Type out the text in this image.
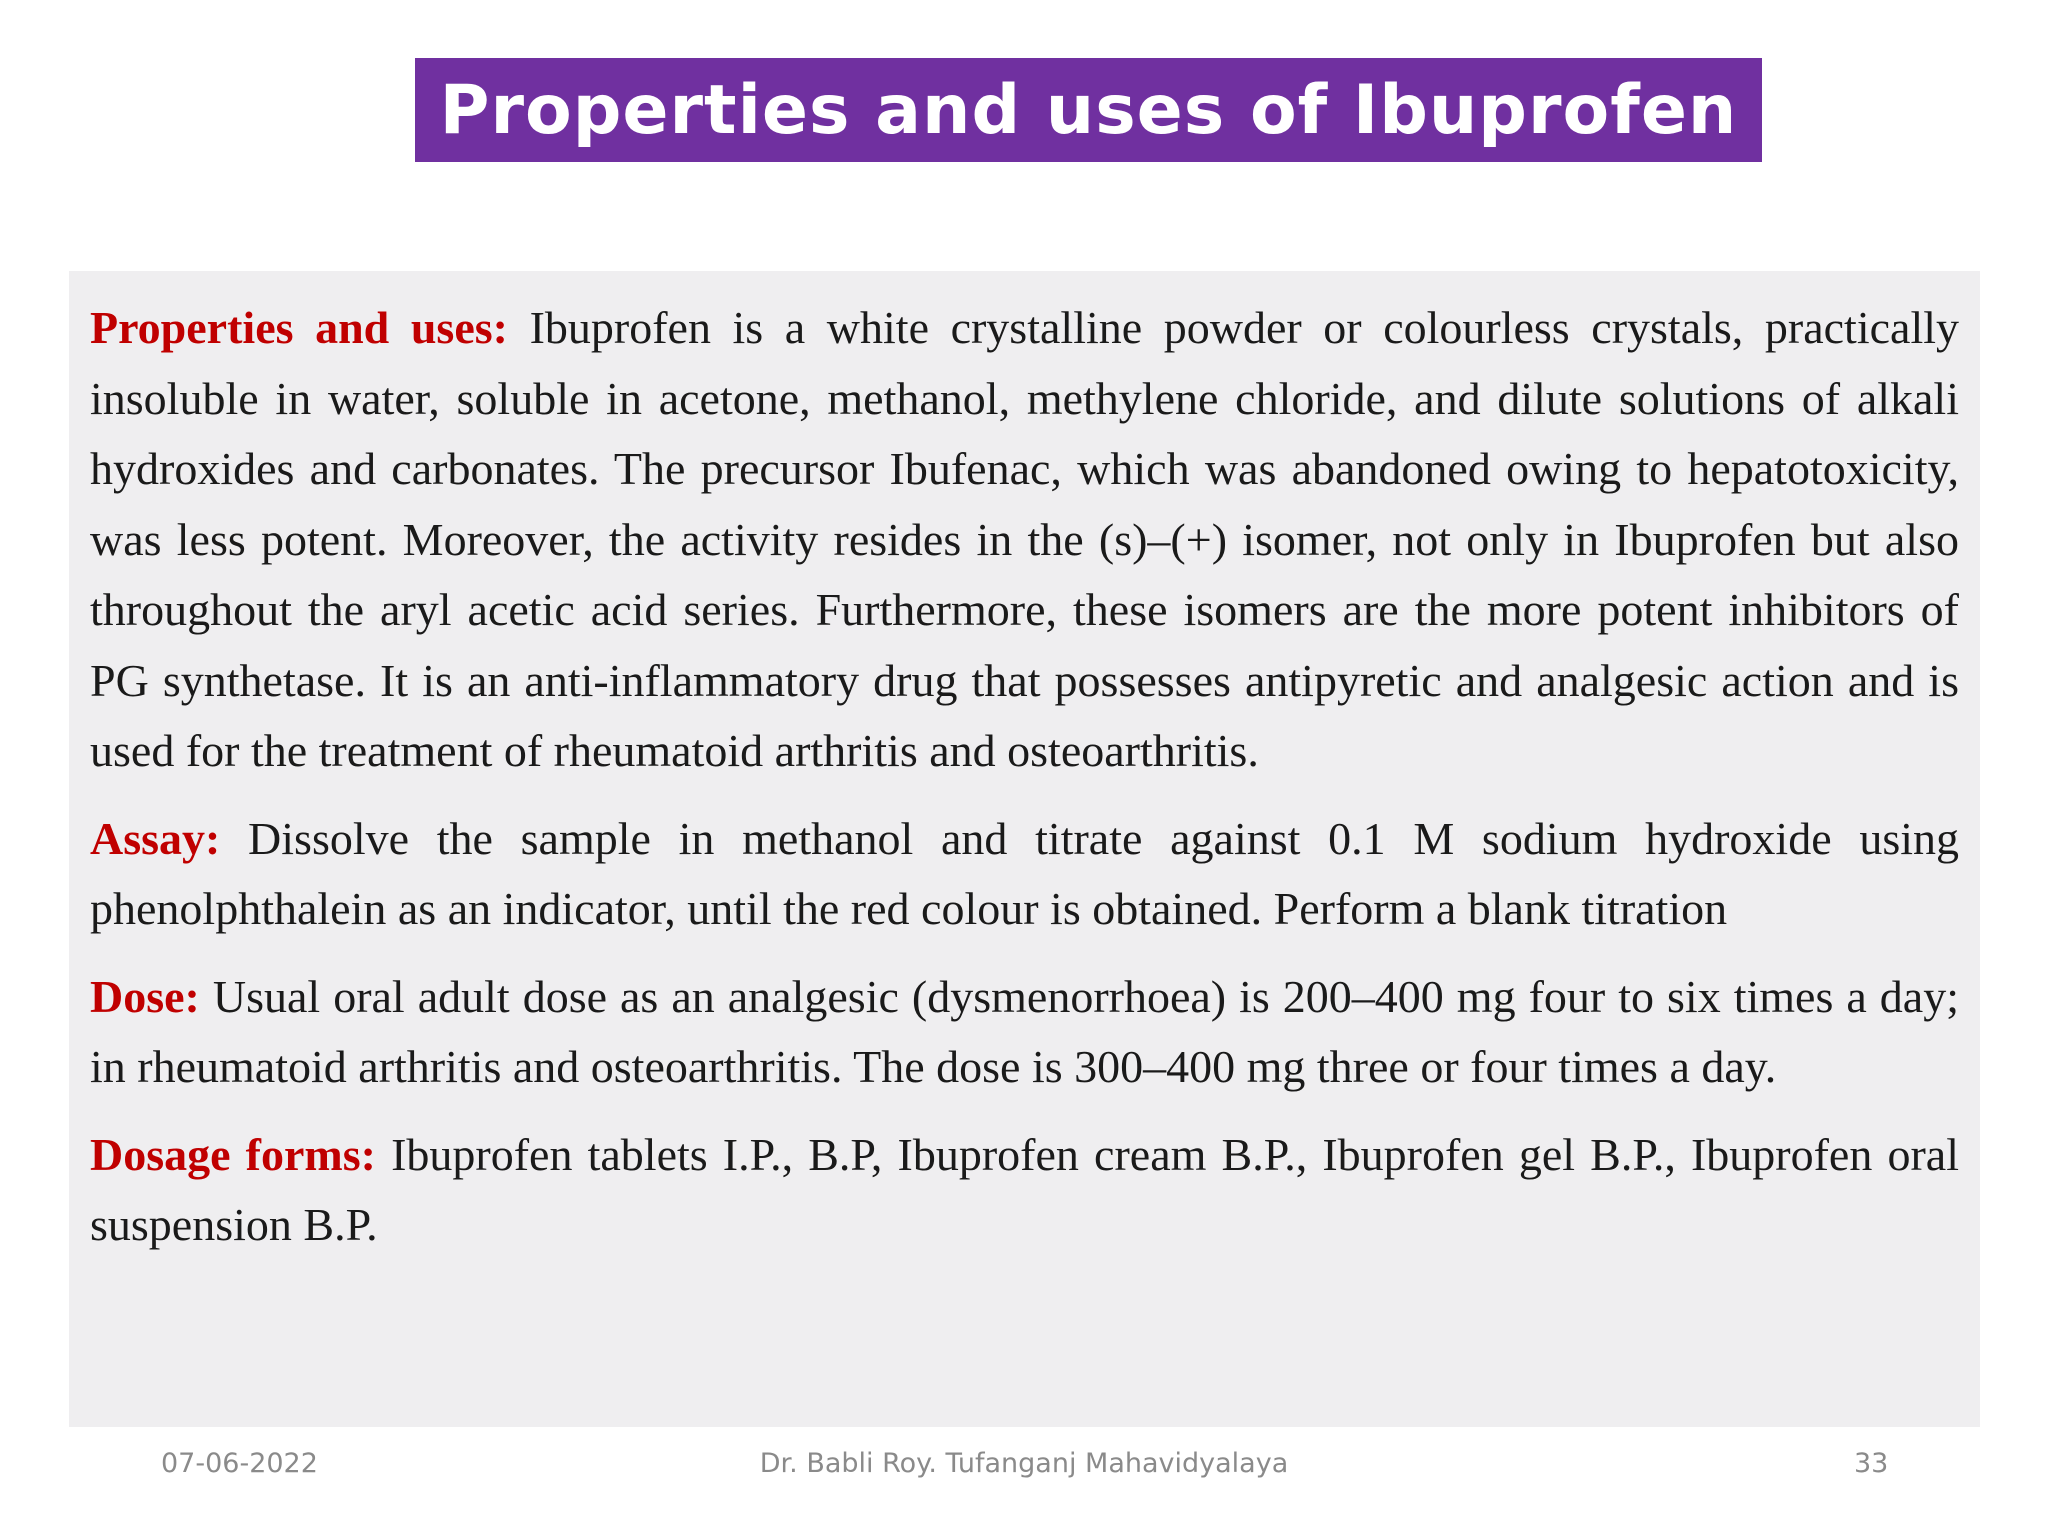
Properties and uses of Ibuprofen

Properties and uses: Ibuprofen is a white crystalline powder or colourless crystals, practically insoluble in water, soluble in acetone, methanol, methylene chloride, and dilute solutions of alkali hydroxides and carbonates. The precursor Ibufenac, which was abandoned owing to hepatotoxicity, was less potent. Moreover, the activity resides in the (s)–(+) isomer, not only in Ibuprofen but also throughout the aryl acetic acid series. Furthermore, these isomers are the more potent inhibitors of PG synthetase. It is an anti-inflammatory drug that possesses antipyretic and analgesic action and is used for the treatment of rheumatoid arthritis and osteoarthritis.

Assay: Dissolve the sample in methanol and titrate against 0.1 M sodium hydroxide using phenolphthalein as an indicator, until the red colour is obtained. Perform a blank titration

Dose: Usual oral adult dose as an analgesic (dysmenorrhoea) is 200–400 mg four to six times a day; in rheumatoid arthritis and osteoarthritis. The dose is 300–400 mg three or four times a day.

Dosage forms: Ibuprofen tablets I.P., B.P, Ibuprofen cream B.P., Ibuprofen gel B.P., Ibuprofen oral suspension B.P.

07-06-2022	Dr. Babli Roy. Tufanganj Mahavidyalaya	33
